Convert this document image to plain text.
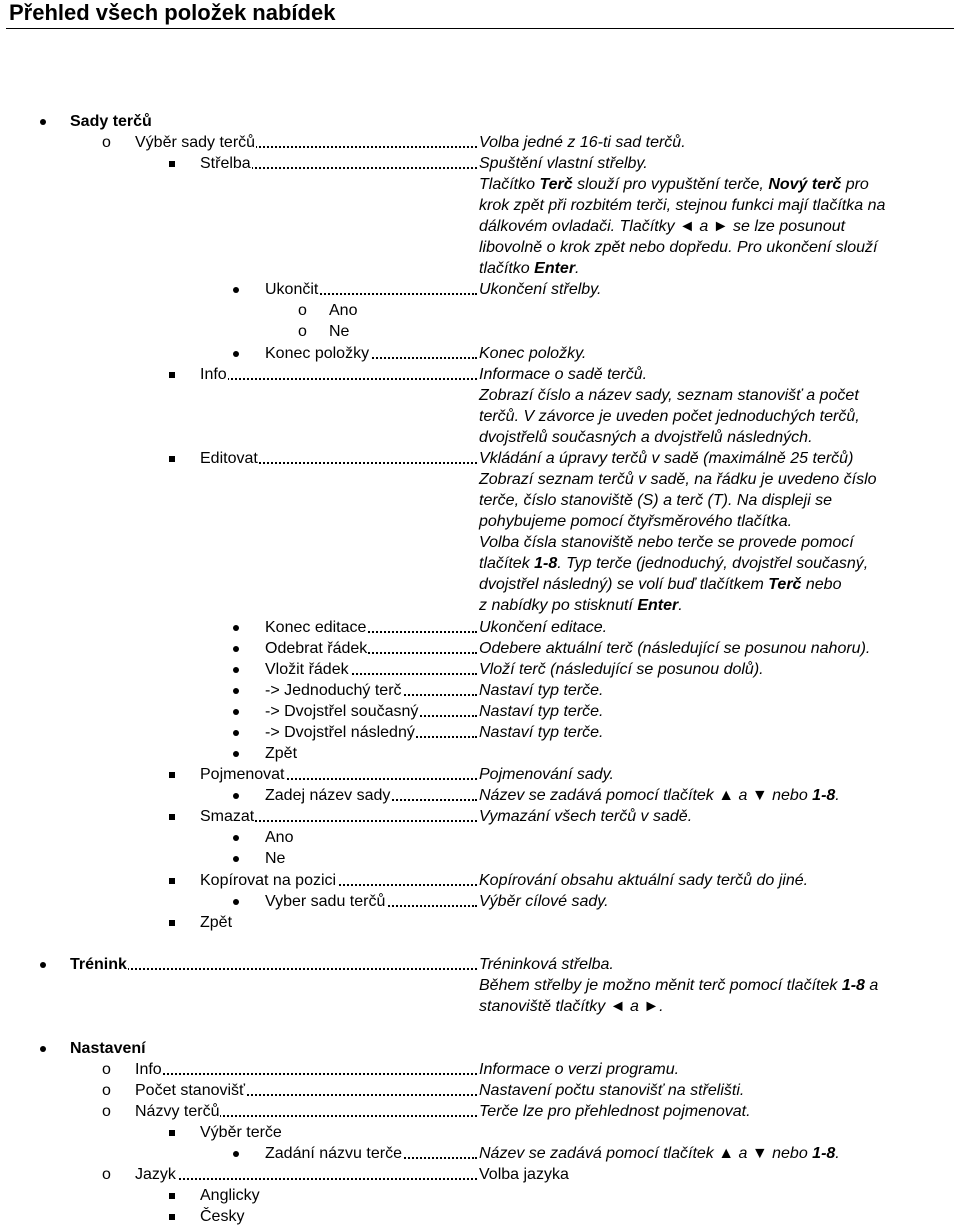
Přehled všech položek nabídek
Sady terčů
o Výběr sady terčů	Volba jedné z 16-ti sad terčů.
Střelba	Spuštění vlastní střelby.
Tlačítko Terč slouží pro vypuštění terče, Nový terč pro
krok zpět při rozbitém terči, stejnou funkci mají tlačítka na
dálkovém ovladači. Tlačítky ◄ a ► se lze posunout
libovolně o krok zpět nebo dopředu. Pro ukončení slouží
tlačítko Enter.
Ukončit	Ukončení střelby.
o Ano
o Ne
Konec položky	Konec položky.
Info	Informace o sadě terčů.
Zobrazí číslo a název sady, seznam stanovišť a počet
terčů. V závorce je uveden počet jednoduchých terčů,
dvojstřelů současných a dvojstřelů následných.
Editovat	Vkládání a úpravy terčů v sadě (maximálně 25 terčů)
Zobrazí seznam terčů v sadě, na řádku je uvedeno číslo
terče, číslo stanoviště (S) a terč (T). Na displeji se
pohybujeme pomocí čtyřsměrového tlačítka.
Volba čísla stanoviště nebo terče se provede pomocí
tlačítek 1-8. Typ terče (jednoduchý, dvojstřel současný,
dvojstřel následný) se volí buď tlačítkem Terč nebo
z nabídky po stisknutí Enter.
Konec editace	Ukončení editace.
Odebrat řádek	Odebere aktuální terč (následující se posunou nahoru).
Vložit řádek	Vloží terč (následující se posunou dolů).
-> Jednoduchý terč	Nastaví typ terče.
-> Dvojstřel současný	Nastaví typ terče.
-> Dvojstřel následný	Nastaví typ terče.
Zpět
Pojmenovat	Pojmenování sady.
Zadej název sady	Název se zadává pomocí tlačítek ▲ a ▼ nebo 1-8.
Smazat	Vymazání všech terčů v sadě.
Ano
Ne
Kopírovat na pozici	Kopírování obsahu aktuální sady terčů do jiné.
Vyber sadu terčů	Výběr cílové sady.
Zpět
Trénink	Tréninková střelba.
Během střelby je možno měnit terč pomocí tlačítek 1-8 a
stanoviště tlačítky ◄ a ►.
Nastavení
o Info	Informace o verzi programu.
o Počet stanovišť	Nastavení počtu stanovišť na střelišti.
o Názvy terčů	Terče lze pro přehlednost pojmenovat.
Výběr terče
Zadání názvu terče	Název se zadává pomocí tlačítek ▲ a ▼ nebo 1-8.
o Jazyk	Volba jazyka
Anglicky
Česky
